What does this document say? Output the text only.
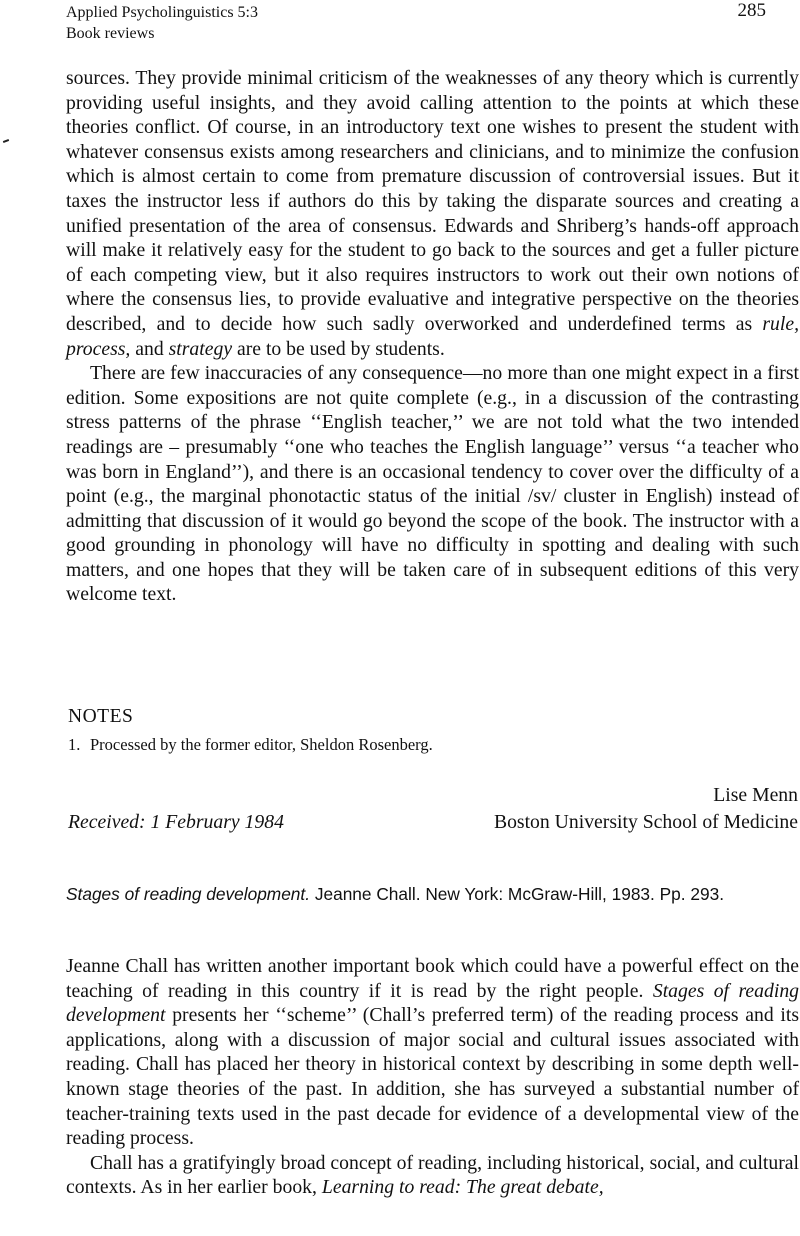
Applied Psycholinguistics 5:3
Book reviews
285

sources. They provide minimal criticism of the weaknesses of any theory which is currently providing useful insights, and they avoid calling attention to the points at which these theories conflict. Of course, in an introductory text one wishes to present the student with whatever consensus exists among researchers and clinicians, and to minimize the confusion which is almost certain to come from premature discussion of controversial issues. But it taxes the instructor less if authors do this by taking the disparate sources and creating a unified presentation of the area of consensus. Edwards and Shriberg’s hands-off approach will make it relatively easy for the student to go back to the sources and get a fuller picture of each competing view, but it also requires instructors to work out their own notions of where the consensus lies, to provide evaluative and integrative perspective on the theories described, and to decide how such sadly overworked and underdefined terms as rule, process, and strategy are to be used by students.

There are few inaccuracies of any consequence—no more than one might expect in a first edition. Some expositions are not quite complete (e.g., in a discussion of the contrasting stress patterns of the phrase ‘‘English teacher,’’ we are not told what the two intended readings are – presumably ‘‘one who teaches the English language’’ versus ‘‘a teacher who was born in England’’), and there is an occasional tendency to cover over the difficulty of a point (e.g., the marginal phonotactic status of the initial /sv/ cluster in English) instead of admitting that discussion of it would go beyond the scope of the book. The instructor with a good grounding in phonology will have no difficulty in spotting and dealing with such matters, and one hopes that they will be taken care of in subsequent editions of this very welcome text.

NOTES
1. Processed by the former editor, Sheldon Rosenberg.
Lise Menn
Received: 1 February 1984	Boston University School of Medicine
Stages of reading development. Jeanne Chall. New York: McGraw-Hill, 1983. Pp. 293.

Jeanne Chall has written another important book which could have a powerful effect on the teaching of reading in this country if it is read by the right people. Stages of reading development presents her ‘‘scheme’’ (Chall’s preferred term) of the reading process and its applications, along with a discussion of major social and cultural issues associated with reading. Chall has placed her theory in historical context by describing in some depth well-known stage theories of the past. In addition, she has surveyed a substantial number of teacher-training texts used in the past decade for evidence of a developmental view of the reading process.

Chall has a gratifyingly broad concept of reading, including historical, social, and cultural contexts. As in her earlier book, Learning to read: The great debate,
